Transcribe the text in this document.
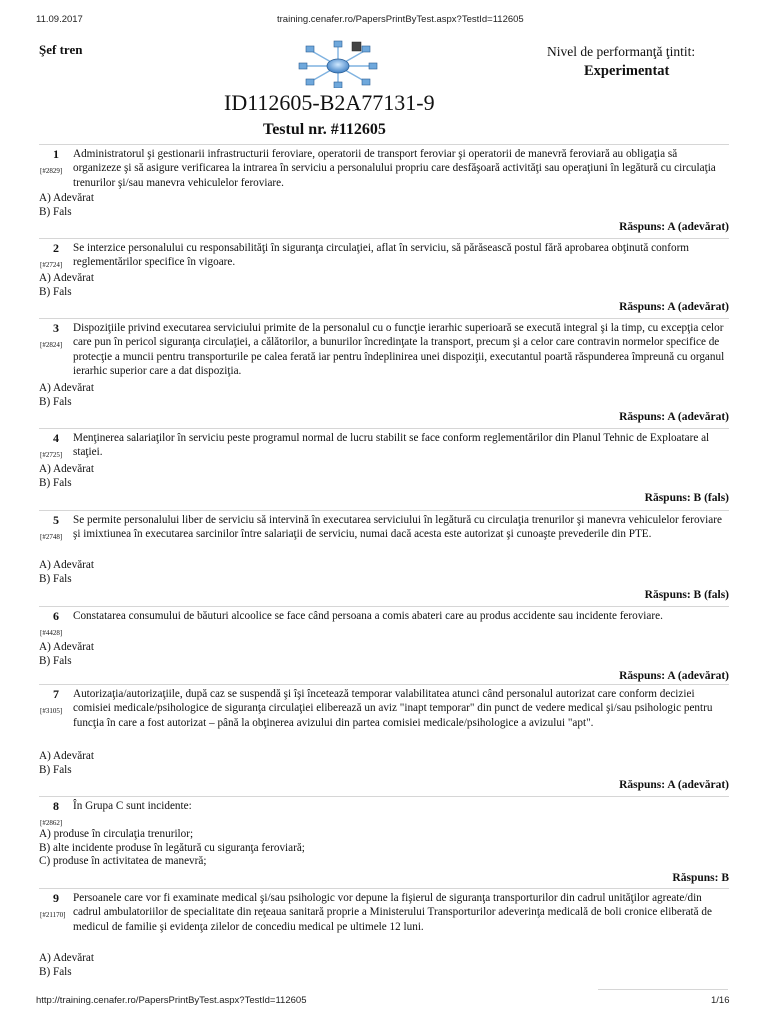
11.09.2017	training.cenafer.ro/PapersPrintByTest.aspx?TestId=112605
Şef tren	Nivel de performanţă ţintit:
Experimentat
ID112605-B2A77131-9
Testul nr. #112605
1
[#2829]
Administratorul şi gestionarii infrastructurii feroviare, operatorii de transport feroviar şi operatorii de manevră feroviară au obligaţia să organizeze şi să asigure verificarea la intrarea în serviciu a personalului propriu care desfăşoară activităţi sau operaţiuni în legătură cu circulaţia trenurilor şi/sau manevra vehiculelor feroviare.
A) Adevărat
B) Fals
Răspuns: A (adevărat)
2
[#2724]
Se interzice personalului cu responsabilităţi în siguranţa circulaţiei, aflat în serviciu, să părăsească postul fără aprobarea obţinută conform reglementărilor specifice în vigoare.
A) Adevărat
B) Fals
Răspuns: A (adevărat)
3
[#2824]
Dispoziţiile privind executarea serviciului primite de la personalul cu o funcţie ierarhic superioară se execută integral şi la timp, cu excepţia celor care pun în pericol siguranţa circulaţiei, a călătorilor, a bunurilor încredinţate la transport, precum şi a celor care contravin normelor specifice de protecţie a muncii pentru transporturile pe calea ferată iar pentru îndeplinirea unei dispoziţii, executantul poartă răspunderea împreună cu organul ierarhic superior care a dat dispoziţia.
A) Adevărat
B) Fals
Răspuns: A (adevărat)
4
[#2725]
Menţinerea salariaţilor în serviciu peste programul normal de lucru stabilit se face conform reglementărilor din Planul Tehnic de Exploatare al staţiei.
A) Adevărat
B) Fals
Răspuns: B (fals)
5
[#2748]
Se permite personalului liber de serviciu să intervină în executarea serviciului în legătură cu circulaţia trenurilor şi manevra vehiculelor feroviare şi imixtiunea în executarea sarcinilor între salariaţii de serviciu, numai dacă acesta este autorizat şi cunoaşte prevederile din PTE.
A) Adevărat
B) Fals
Răspuns: B (fals)
6
[#4428]
Constatarea consumului de băuturi alcoolice se face când persoana a comis abateri care au produs accidente sau incidente feroviare.
A) Adevărat
B) Fals
Răspuns: A (adevărat)
7
[#3105]
Autorizaţia/autorizaţiile, după caz se suspendă şi îşi încetează temporar valabilitatea atunci când personalul autorizat care conform deciziei comisiei medicale/psihologice de siguranţa circulaţiei eliberează un aviz "inapt temporar" din punct de vedere medical şi/sau psihologic pentru funcţia în care a fost autorizat – până la obţinerea avizului din partea comisiei medicale/psihologice a avizului "apt".
A) Adevărat
B) Fals
Răspuns: A (adevărat)
8
[#2862]
În Grupa C sunt incidente:
A) produse în circulaţia trenurilor;
B) alte incidente produse în legătură cu siguranţa feroviară;
C) produse în activitatea de manevră;
Răspuns: B
9
[#21170]
Persoanele care vor fi examinate medical şi/sau psihologic vor depune la fişierul de siguranţa transporturilor din cadrul unităţilor agreate/din cadrul ambulatoriilor de specialitate din reţeaua sanitară proprie a Ministerului Transporturilor adeverinţa medicală de boli cronice eliberată de medicul de familie şi evidenţa zilelor de concediu medical pe ultimele 12 luni.
A) Adevărat
B) Fals
http://training.cenafer.ro/PapersPrintByTest.aspx?TestId=112605	1/16
